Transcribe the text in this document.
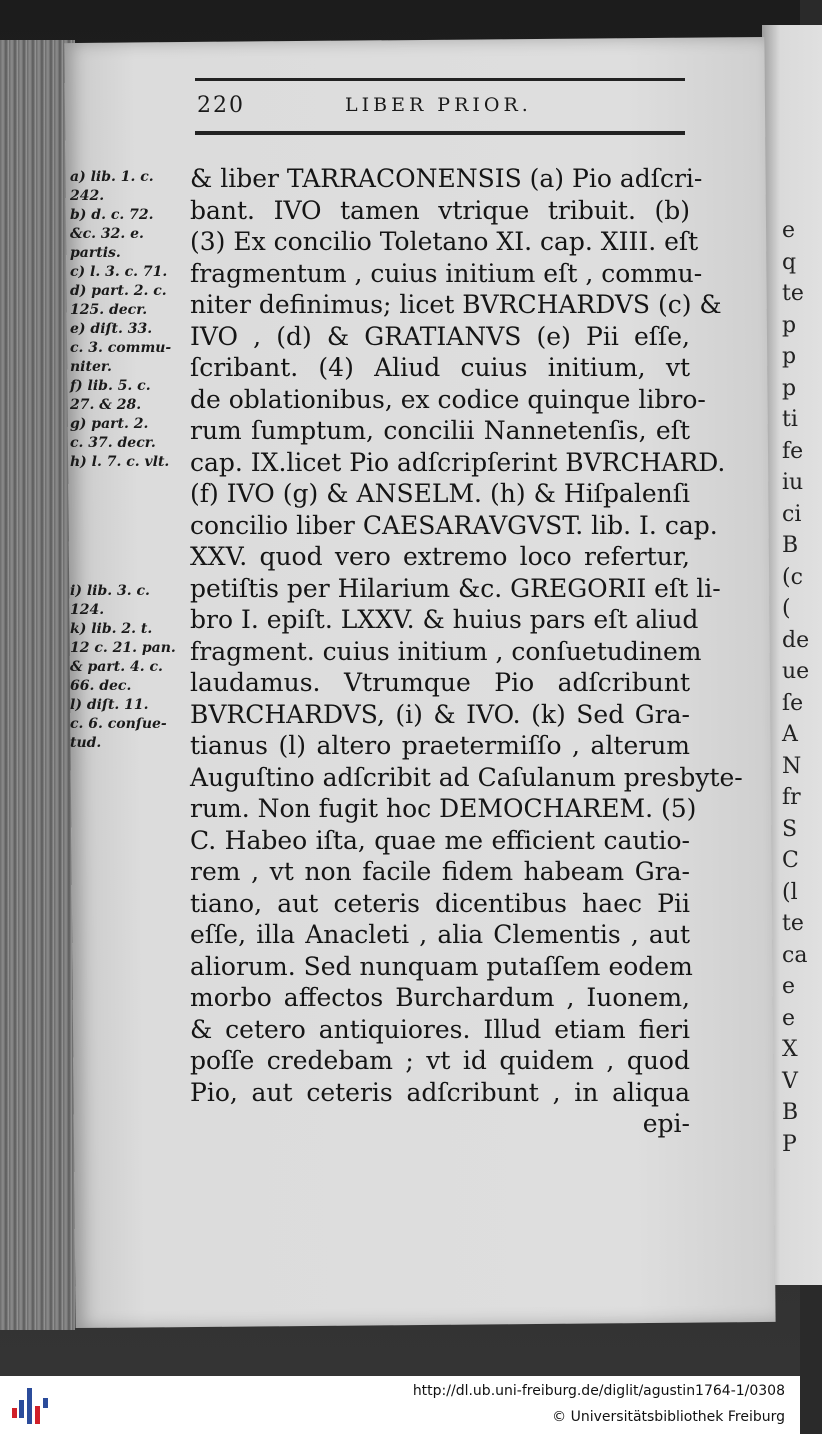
e
q
te
p
p
p
ti
fe
iu
ci
B
(c
(
de
ue
ſe
A
N
fr
S
C
(l
te
ca
e
e
X
V
B
P
220	LIBER PRIOR.
a) lib. 1. c.
242.
b) d. c. 72.
&c. 32. e.
partis.
c) l. 3. c. 71.
d) part. 2. c.
125. decr.
e) diſt. 33.
c. 3. commu-
niter.
f) lib. 5. c.
27. & 28.
g) part. 2.
c. 37. decr.
h) l. 7. c. vlt.
i) lib. 3. c.
124.
k) lib. 2. t.
12 c. 21. pan.
& part. 4. c.
66. dec.
l) diſt. 11.
c. 6. conſue-
tud.
& liber TARRACONENSIS (a) Pio adſcri-
bant. IVO tamen vtrique tribuit. (b)
(3) Ex concilio Toletano XI. cap. XIII. eſt
fragmentum , cuius initium eſt , commu-
niter definimus; licet BVRCHARDVS (c) &
IVO , (d) & GRATIANVS (e) Pii eſſe,
ſcribant. (4) Aliud cuius initium, vt
de oblationibus, ex codice quinque libro-
rum ſumptum, concilii Nannetenſis, eſt
cap. IX.licet Pio adſcripſerint BVRCHARD.
(f) IVO (g) & ANSELM. (h) & Hiſpalenſi
concilio liber CAESARAVGVST. lib. I. cap.
XXV. quod vero extremo loco refertur,
petiſtis per Hilarium &c. GREGORII eſt li-
bro I. epiſt. LXXV. & huius pars eſt aliud
fragment. cuius initium , conſuetudinem
laudamus. Vtrumque Pio adſcribunt
BVRCHARDVS, (i) & IVO. (k) Sed Gra-
tianus (l) altero praetermiſſo , alterum
Auguſtino adſcribit ad Caſulanum presbyte-
rum. Non fugit hoc DEMOCHAREM. (5)
C. Habeo iſta, quae me efficient cautio-
rem , vt non facile fidem habeam Gra-
tiano, aut ceteris dicentibus haec Pii
eſſe, illa Anacleti , alia Clementis , aut
aliorum. Sed nunquam putaſſem eodem
morbo affectos Burchardum , Iuonem,
& cetero antiquiores. Illud etiam fieri
poſſe credebam ; vt id quidem , quod
Pio, aut ceteris adſcribunt , in aliqua
epi-
http://dl.ub.uni-freiburg.de/diglit/agustin1764-1/0308
© Universitätsbibliothek Freiburg
